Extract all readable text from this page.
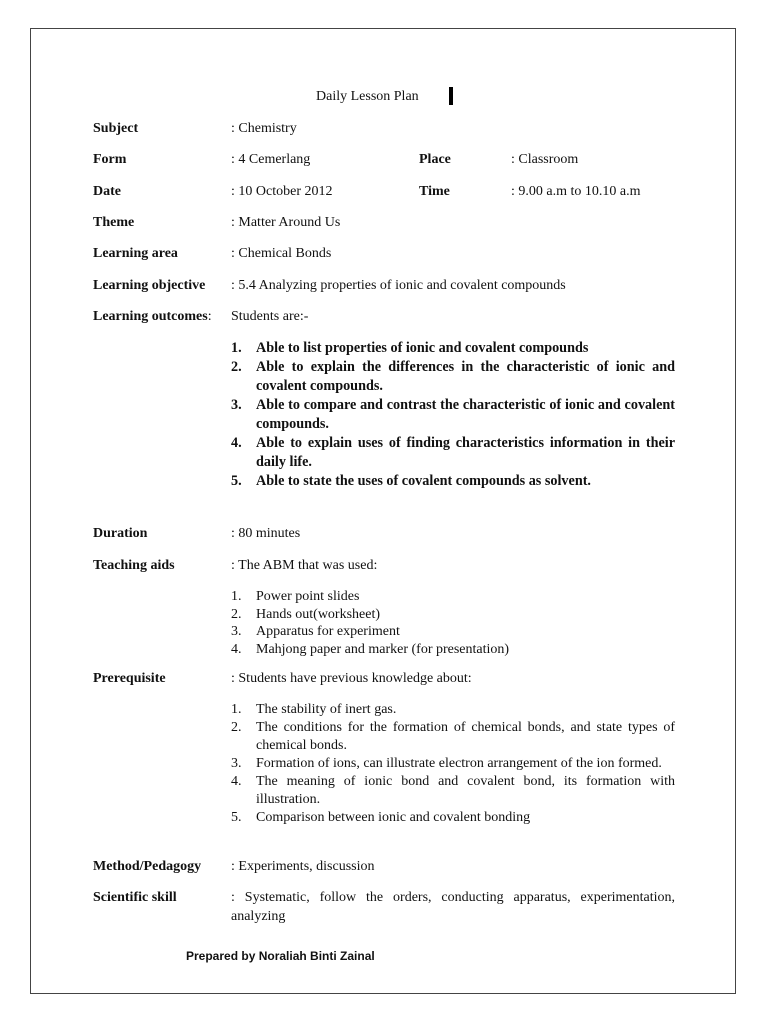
Daily Lesson Plan
Subject	: Chemistry
Form	: 4 Cemerlang	Place	: Classroom
Date	: 10 October 2012	Time	: 9.00 a.m to 10.10 a.m
Theme	: Matter Around Us
Learning area	: Chemical Bonds
Learning objective : 5.4 Analyzing properties of ionic and covalent compounds
Learning outcomes: Students are:-
1. Able to list properties of ionic and covalent compounds
2. Able to explain the differences in the characteristic of ionic and covalent compounds.
3. Able to compare and contrast the characteristic of ionic and covalent compounds.
4. Able to explain uses of finding characteristics information in their daily life.
5. Able to state the uses of covalent compounds as solvent.
Duration	: 80 minutes
Teaching aids	: The ABM that was used:
1. Power point slides
2. Hands out(worksheet)
3. Apparatus for experiment
4. Mahjong paper and marker (for presentation)
Prerequisite	: Students have previous knowledge about:
1. The stability of inert gas.
2. The conditions for the formation of chemical bonds, and state types of chemical bonds.
3. Formation of ions, can illustrate electron arrangement of the ion formed.
4. The meaning of ionic bond and covalent bond, its formation with illustration.
5. Comparison between ionic and covalent bonding
Method/Pedagogy : Experiments, discussion
Scientific skill	: Systematic, follow the orders, conducting apparatus, experimentation, analyzing
Prepared by Noraliah Binti Zainal
